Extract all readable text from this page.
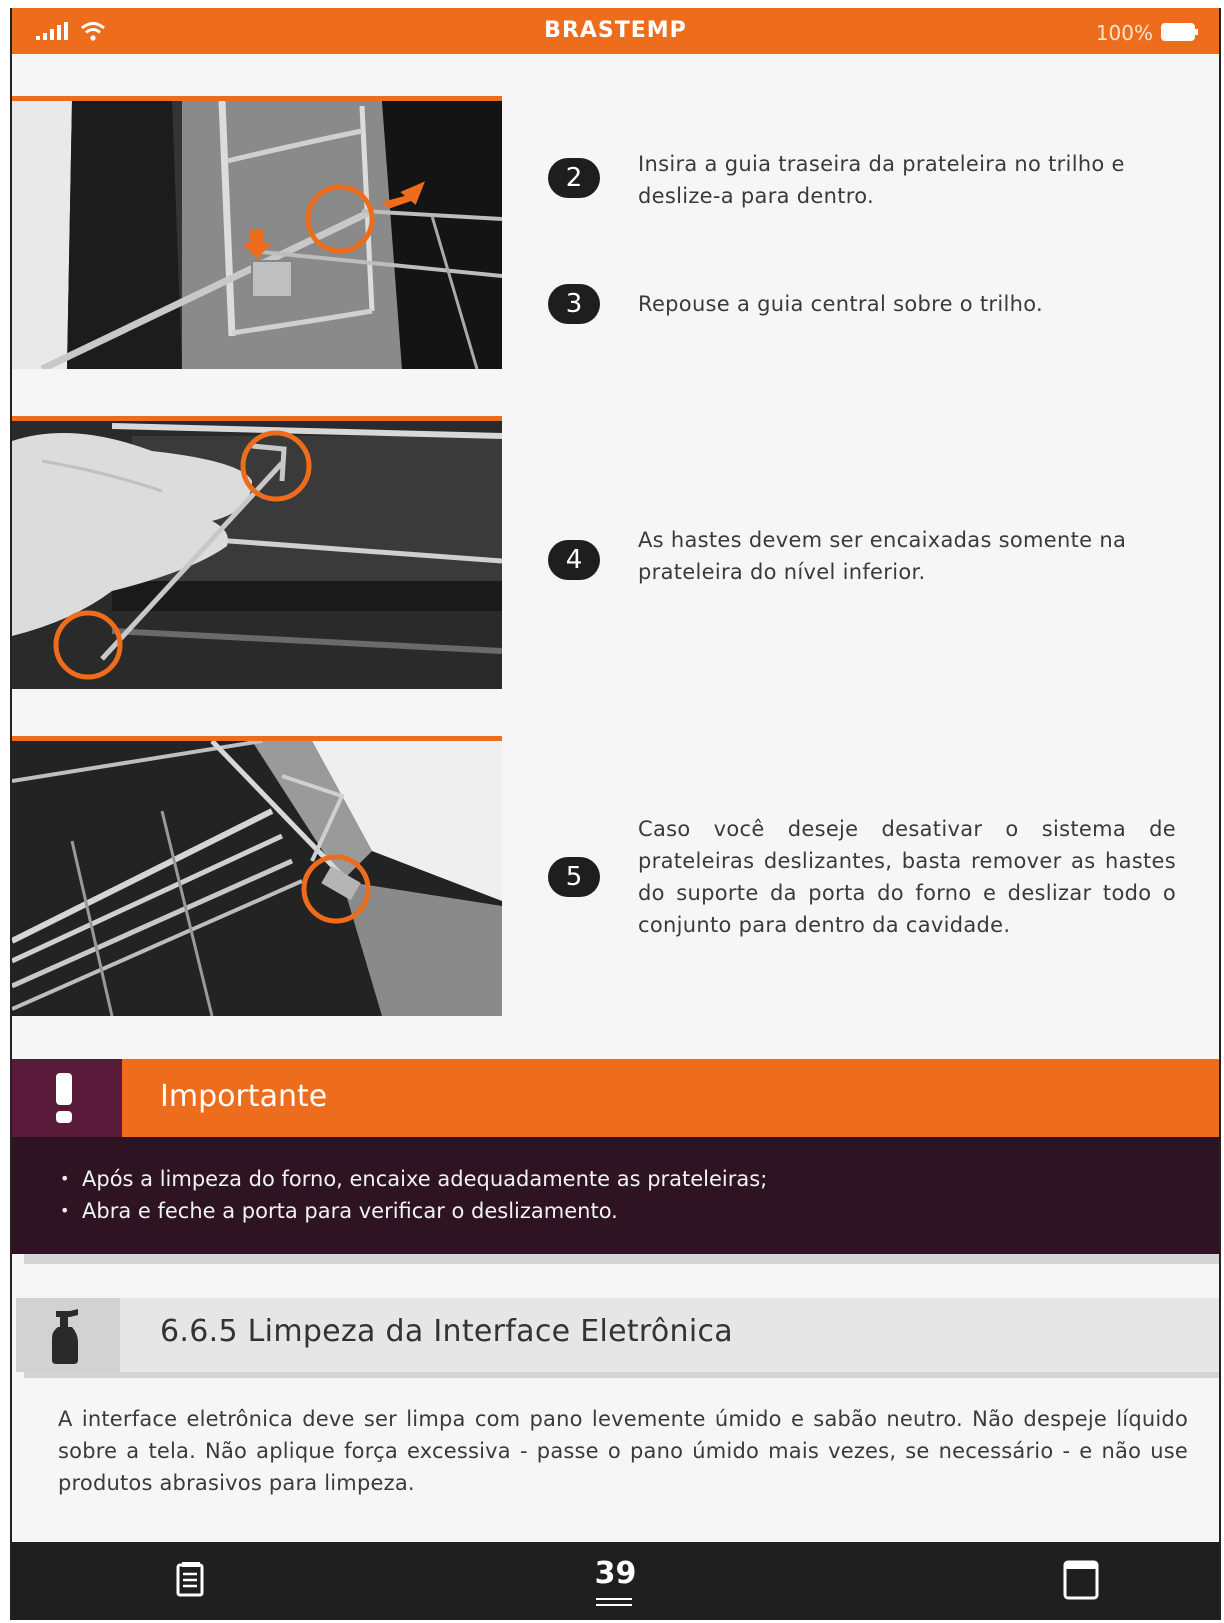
BRASTEMP	100%
2	Insira a guia traseira da prateleira no trilho e deslize-a para dentro.
3	Repouse a guia central sobre o trilho.
4
As hastes devem ser encaixadas somente na prateleira do nível inferior.
5
Caso você deseje desativar o sistema de prateleiras deslizantes, basta remover as hastes do suporte da porta do forno e deslizar todo o conjunto para dentro da cavidade.
Importante
• Após a limpeza do forno, encaixe adequadamente as prateleiras;
• Abra e feche a porta para verificar o deslizamento.
6.6.5 Limpeza da Interface Eletrônica
A interface eletrônica deve ser limpa com pano levemente úmido e sabão neutro. Não despeje líquido sobre a tela. Não aplique força excessiva - passe o pano úmido mais vezes, se necessário - e não use produtos abrasivos para limpeza.
39
